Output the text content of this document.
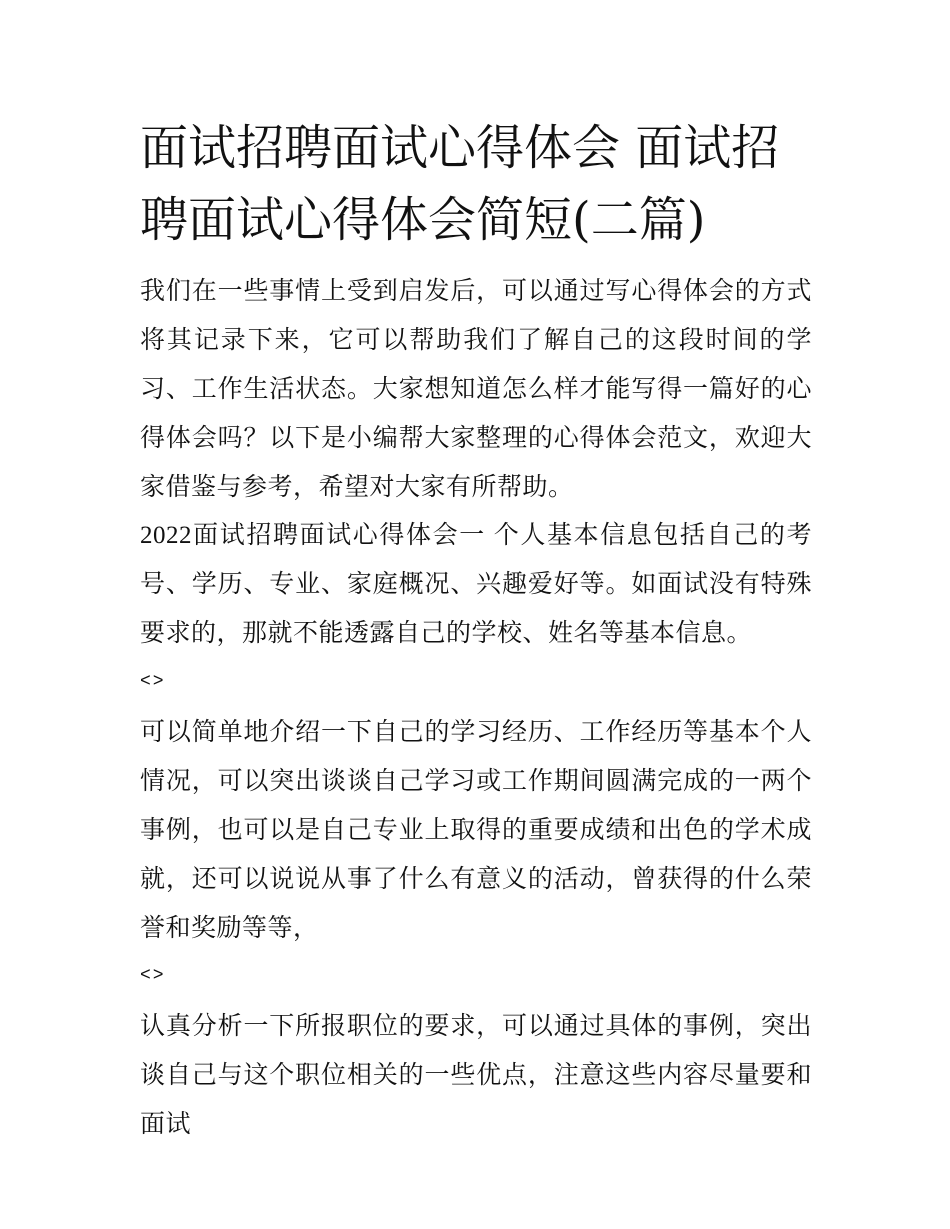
面试招聘面试心得体会 面试招聘面试心得体会简短(二篇)

我们在一些事情上受到启发后，可以通过写心得体会的方式将其记录下来，它可以帮助我们了解自己的这段时间的学习、工作生活状态。大家想知道怎么样才能写得一篇好的心得体会吗？以下是小编帮大家整理的心得体会范文，欢迎大家借鉴与参考，希望对大家有所帮助。

2022面试招聘面试心得体会一 个人基本信息包括自己的考号、学历、专业、家庭概况、兴趣爱好等。如面试没有特殊要求的，那就不能透露自己的学校、姓名等基本信息。

<>

可以简单地介绍一下自己的学习经历、工作经历等基本个人情况，可以突出谈谈自己学习或工作期间圆满完成的一两个事例，也可以是自己专业上取得的重要成绩和出色的学术成就，还可以说说从事了什么有意义的活动，曾获得的什么荣誉和奖励等等，

<>

认真分析一下所报职位的要求，可以通过具体的事例，突出谈自己与这个职位相关的一些优点，注意这些内容尽量要和面试
